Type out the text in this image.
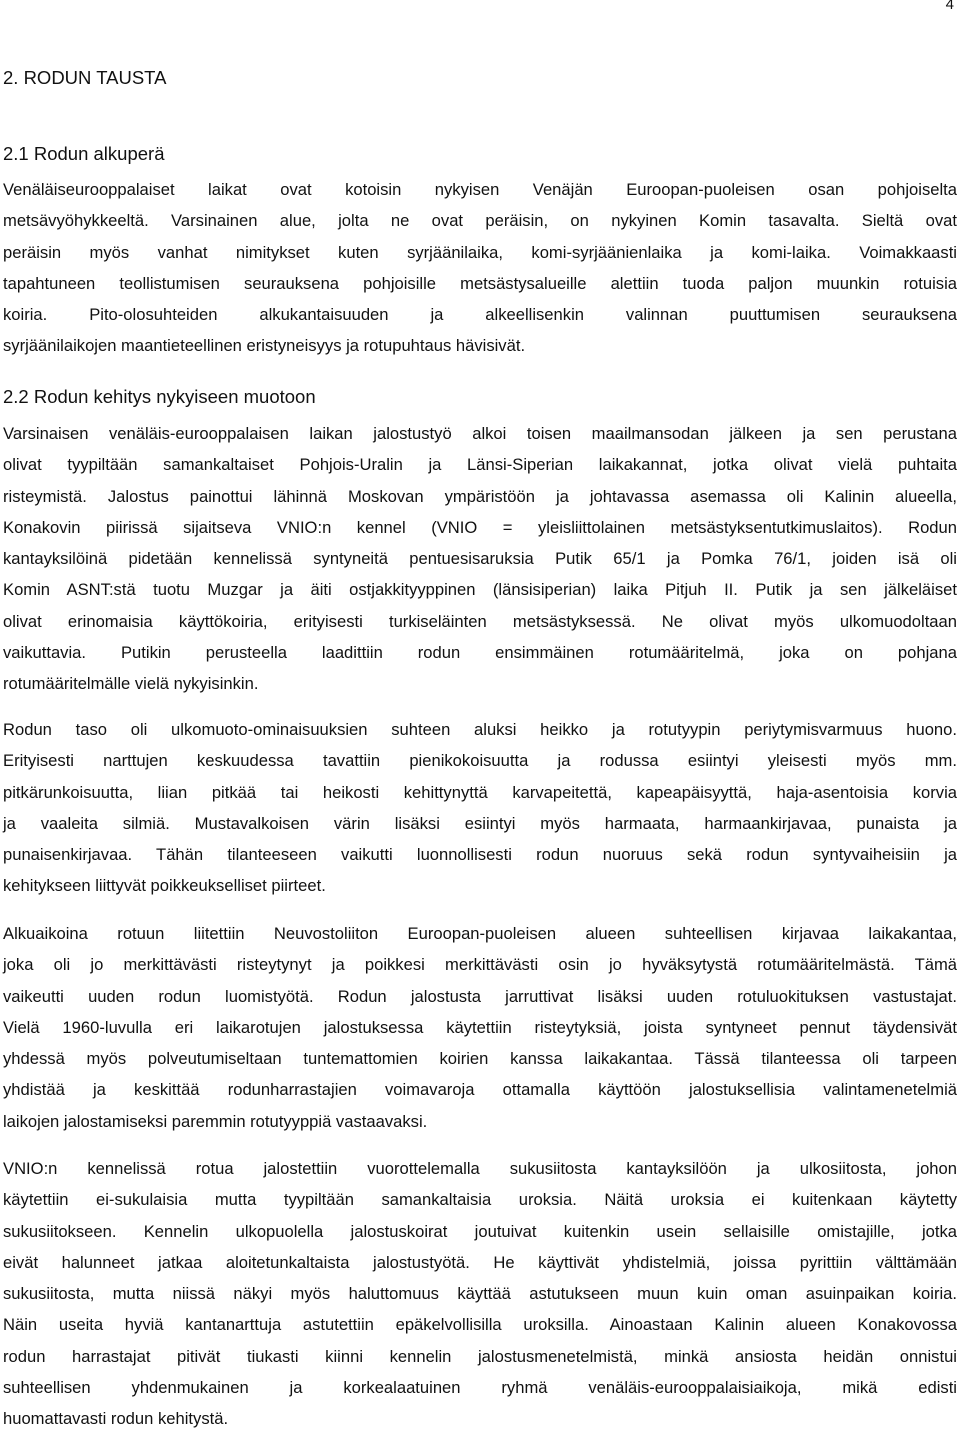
4
2. RODUN TAUSTA
2.1 Rodun alkuperä
Venäläiseurooppalaiset laikat ovat kotoisin nykyisen Venäjän Euroopan-puoleisen osan pohjoiselta
metsävyöhykkeeltä. Varsinainen alue, jolta ne ovat peräisin, on nykyinen Komin tasavalta. Sieltä ovat
peräisin myös vanhat nimitykset kuten syrjäänilaika, komi-syrjäänienlaika ja komi-laika. Voimakkaasti
tapahtuneen teollistumisen seurauksena pohjoisille metsästysalueille alettiin tuoda paljon muunkin rotuisia
koiria. Pito-olosuhteiden alkukantaisuuden ja alkeellisenkin valinnan puuttumisen seurauksena
syrjäänilaikojen maantieteellinen eristyneisyys ja rotupuhtaus hävisivät.
2.2 Rodun kehitys nykyiseen muotoon
Varsinaisen venäläis-eurooppalaisen laikan jalostustyö alkoi toisen maailmansodan jälkeen ja sen perustana
olivat tyypiltään samankaltaiset Pohjois-Uralin ja Länsi-Siperian laikakannat, jotka olivat vielä puhtaita
risteymistä. Jalostus painottui lähinnä Moskovan ympäristöön ja johtavassa asemassa oli Kalinin alueella,
Konakovin piirissä sijaitseva VNIO:n kennel (VNIO = yleisliittolainen metsästyksentutkimuslaitos). Rodun
kantayksilöinä pidetään kennelissä syntyneitä pentuesisaruksia Putik 65/1 ja Pomka 76/1, joiden isä oli
Komin ASNT:stä tuotu Muzgar ja äiti ostjakkityyppinen (länsisiperian) laika Pitjuh II. Putik ja sen jälkeläiset
olivat erinomaisia käyttökoiria, erityisesti turkiseläinten metsästyksessä. Ne olivat myös ulkomuodoltaan
vaikuttavia. Putikin perusteella laadittiin rodun ensimmäinen rotumääritelmä, joka on pohjana
rotumääritelmälle vielä nykyisinkin.
Rodun taso oli ulkomuoto-ominaisuuksien suhteen aluksi heikko ja rotutyypin periytymisvarmuus huono.
Erityisesti narttujen keskuudessa tavattiin pienikokoisuutta ja rodussa esiintyi yleisesti myös mm.
pitkärunkoisuutta, liian pitkää tai heikosti kehittynyttä karvapeitettä, kapeapäisyyttä, haja-asentoisia korvia
ja vaaleita silmiä. Mustavalkoisen värin lisäksi esiintyi myös harmaata, harmaankirjavaa, punaista ja
punaisenkirjavaa. Tähän tilanteeseen vaikutti luonnollisesti rodun nuoruus sekä rodun syntyvaiheisiin ja
kehitykseen liittyvät poikkeukselliset piirteet.
Alkuaikoina rotuun liitettiin Neuvostoliiton Euroopan-puoleisen alueen suhteellisen kirjavaa laikakantaa,
joka oli jo merkittävästi risteytynyt ja poikkesi merkittävästi osin jo hyväksytystä rotumääritelmästä. Tämä
vaikeutti uuden rodun luomistyötä. Rodun jalostusta jarruttivat lisäksi uuden rotuluokituksen vastustajat.
Vielä 1960-luvulla eri laikarotujen jalostuksessa käytettiin risteytyksiä, joista syntyneet pennut täydensivät
yhdessä myös polveutumiseltaan tuntemattomien koirien kanssa laikakantaa. Tässä tilanteessa oli tarpeen
yhdistää ja keskittää rodunharrastajien voimavaroja ottamalla käyttöön jalostuksellisia valintamenetelmiä
laikojen jalostamiseksi paremmin rotutyyppiä vastaavaksi.
VNIO:n kennelissä rotua jalostettiin vuorottelemalla sukusiitosta kantayksilöön ja ulkosiitosta, johon
käytettiin ei-sukulaisia mutta tyypiltään samankaltaisia uroksia. Näitä uroksia ei kuitenkaan käytetty
sukusiitokseen. Kennelin ulkopuolella jalostuskoirat joutuivat kuitenkin usein sellaisille omistajille, jotka
eivät halunneet jatkaa aloitetunkaltaista jalostustyötä. He käyttivät yhdistelmiä, joissa pyrittiin välttämään
sukusiitosta, mutta niissä näkyi myös haluttomuus käyttää astutukseen muun kuin oman asuinpaikan koiria.
Näin useita hyviä kantanarttuja astutettiin epäkelvollisilla uroksilla. Ainoastaan Kalinin alueen Konakovossa
rodun harrastajat pitivät tiukasti kiinni kennelin jalostusmenetelmistä, minkä ansiosta heidän onnistui
suhteellisen yhdenmukainen ja korkealaatuinen ryhmä venäläis-eurooppalaisiaikoja, mikä edisti
huomattavasti rodun kehitystä.
